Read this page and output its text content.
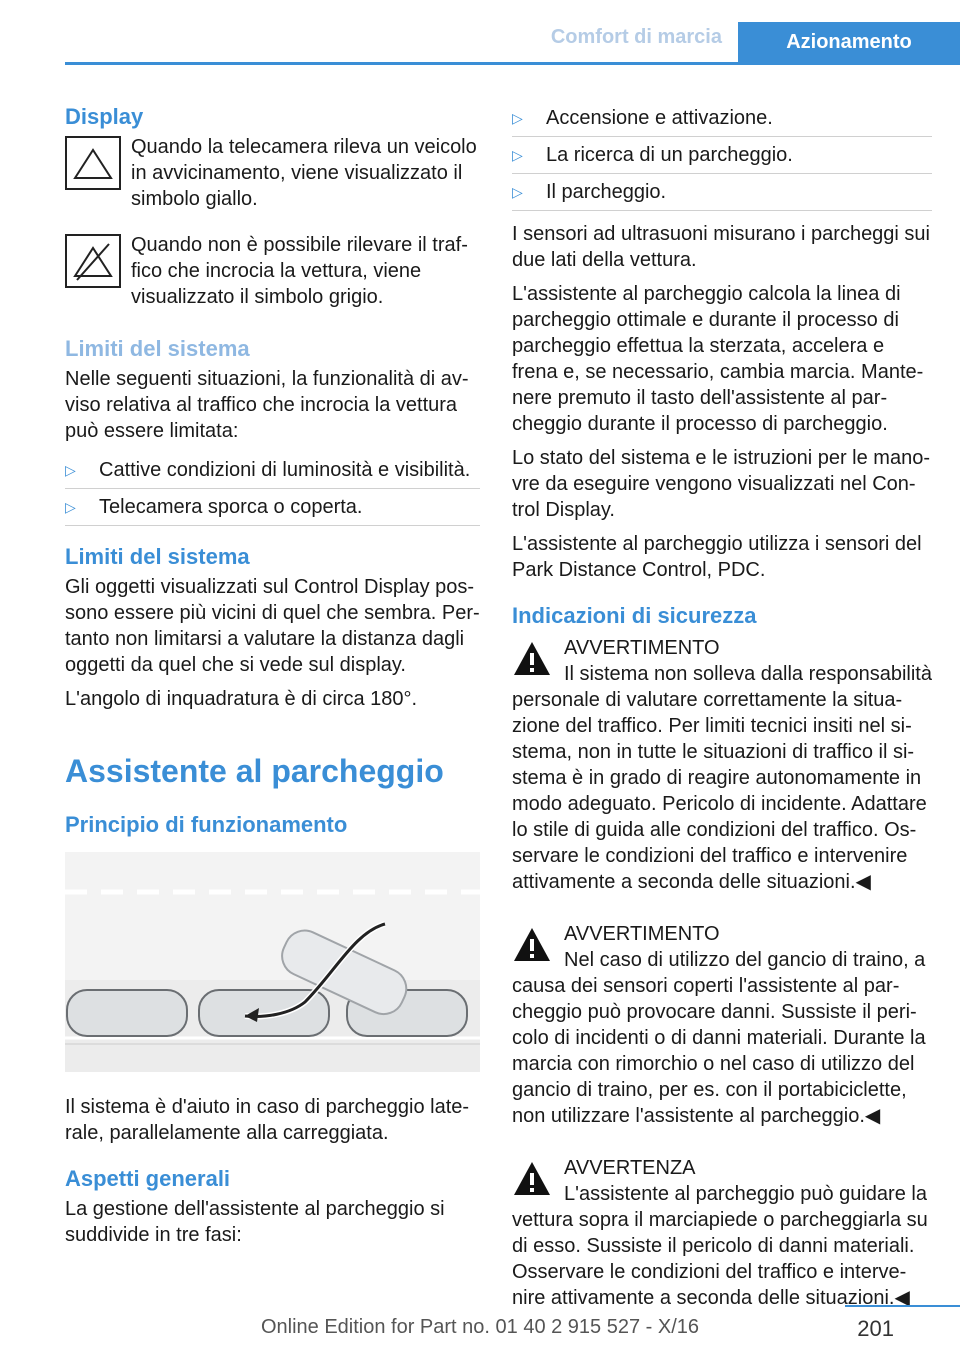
Comfort di marcia	Azionamento
Display
Quando la telecamera rileva un veicolo in avvicinamento, viene visualizzato il simbolo giallo.
Quando non è possibile rilevare il traffico che incrocia la vettura, viene visualizzato il simbolo grigio.
Limiti del sistema

Nelle seguenti situazioni, la funzionalità di avviso relativa al traffico che incrocia la vettura può essere limitata:

▷	Cattive condizioni di luminosità e visibilità.
▷	Telecamera sporca o coperta.
Limiti del sistema

Gli oggetti visualizzati sul Control Display possono essere più vicini di quel che sembra. Pertanto non limitarsi a valutare la distanza dagli oggetti da quel che si vede sul display.

L'angolo di inquadratura è di circa 180°.

Assistente al parcheggio
Principio di funzionamento

Il sistema è d'aiuto in caso di parcheggio laterale, parallelamente alla carreggiata.

Aspetti generali

La gestione dell'assistente al parcheggio si suddivide in tre fasi:

▷	Accensione e attivazione.
▷	La ricerca di un parcheggio.
▷	Il parcheggio.

I sensori ad ultrasuoni misurano i parcheggi sui due lati della vettura.

L'assistente al parcheggio calcola la linea di parcheggio ottimale e durante il processo di parcheggio effettua la sterzata, accelera e frena e, se necessario, cambia marcia. Mantenere premuto il tasto dell'assistente al parcheggio durante il processo di parcheggio.

Lo stato del sistema e le istruzioni per le manovre da eseguire vengono visualizzati nel Control Display.

L'assistente al parcheggio utilizza i sensori del Park Distance Control, PDC.

Indicazioni di sicurezza

AVVERTIMENTO

Il sistema non solleva dalla responsabilità

personale di valutare correttamente la situazione del traffico. Per limiti tecnici insiti nel sistema, non in tutte le situazioni di traffico il sistema è in grado di reagire autonomamente in modo adeguato. Pericolo di incidente. Adattare lo stile di guida alle condizioni del traffico. Osservare le condizioni del traffico e intervenire attivamente a seconda delle situazioni.◀

AVVERTIMENTO

Nel caso di utilizzo del gancio di traino, a

causa dei sensori coperti l'assistente al parcheggio può provocare danni. Sussiste il pericolo di incidenti o di danni materiali. Durante la marcia con rimorchio o nel caso di utilizzo del gancio di traino, per es. con il portabiciclette, non utilizzare l'assistente al parcheggio.◀

AVVERTENZA

L'assistente al parcheggio può guidare la

vettura sopra il marciapiede o parcheggiarla su di esso. Sussiste il pericolo di danni materiali. Osservare le condizioni del traffico e intervenire attivamente a seconda delle situazioni.◀

201
Online Edition for Part no. 01 40 2 915 527 - X/16
